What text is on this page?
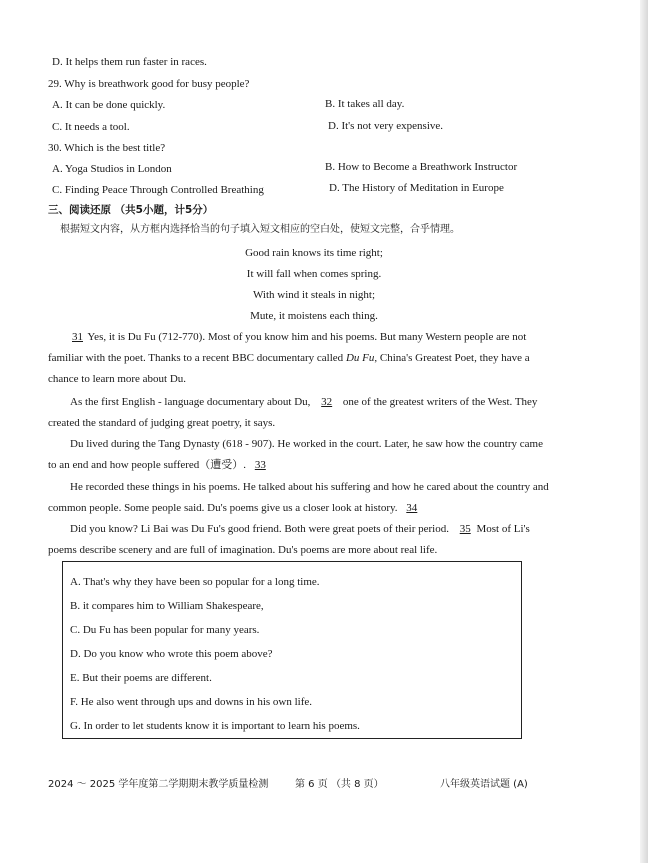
D. It helps them run faster in races.
29. Why is breathwork good for busy people?
A. It can be done quickly.	B. It takes all day.
C. It needs a tool.	D. It's not very expensive.
30. Which is the best title?
A. Yoga Studios in London	B. How to Become a Breathwork Instructor
C. Finding Peace Through Controlled Breathing	D. The History of Meditation in Europe
三、阅读还原 （共5小题，计5分）
根据短文内容，从方框内选择恰当的句子填入短文相应的空白处，使短文完整，合乎情理。
Good rain knows its time right;
It will fall when comes spring.
With wind it steals in night;
Mute, it moistens each thing.
31 Yes, it is Du Fu (712-770). Most of you know him and his poems. But many Western people are not
familiar with the poet. Thanks to a recent BBC documentary called Du Fu, China's Greatest Poet, they have a
chance to learn more about Du.
As the first English - language documentary about Du, 32 one of the greatest writers of the West. They
created the standard of judging great poetry, it says.
Du lived during the Tang Dynasty (618 - 907). He worked in the court. Later, he saw how the country came
to an end and how people suffered（遭受）. 33
He recorded these things in his poems. He talked about his suffering and how he cared about the country and
common people. Some people said. Du's poems give us a closer look at history. 34
Did you know? Li Bai was Du Fu's good friend. Both were great poets of their period. 35 Most of Li's
poems describe scenery and are full of imagination. Du's poems are more about real life.
A. That's why they have been so popular for a long time.
B. it compares him to William Shakespeare,
C. Du Fu has been popular for many years.
D. Do you know who wrote this poem above?
E. But their poems are different.
F. He also went through ups and downs in his own life.
G. In order to let students know it is important to learn his poems.
2024 ～ 2025 学年度第二学期期末教学质量检测	第 6 页 （共 8 页）	八年级英语试题 (A)
